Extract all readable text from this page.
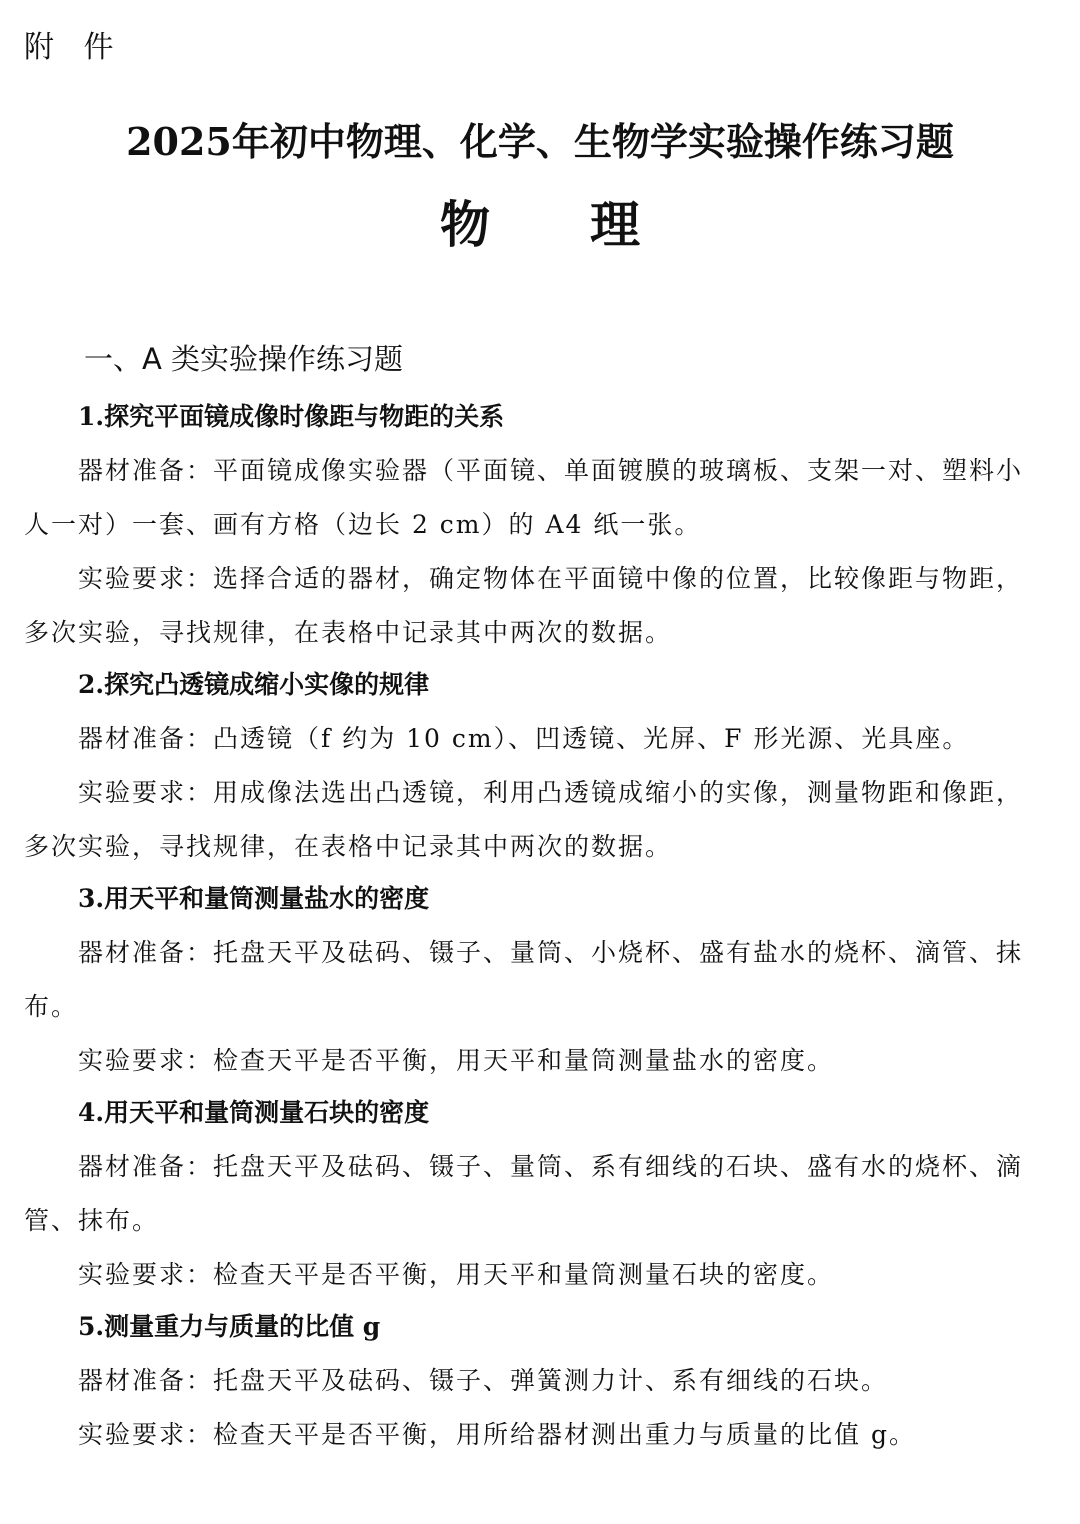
附 件
2025年初中物理、化学、生物学实验操作练习题
物理
一、A 类实验操作练习题
1.探究平面镜成像时像距与物距的关系

器材准备：平面镜成像实验器（平面镜、单面镀膜的玻璃板、支架一对、塑料小人一对）一套、画有方格（边长 2 cm）的 A4 纸一张。

实验要求：选择合适的器材，确定物体在平面镜中像的位置，比较像距与物距，多次实验，寻找规律，在表格中记录其中两次的数据。

2.探究凸透镜成缩小实像的规律

器材准备：凸透镜（f 约为 10 cm）、凹透镜、光屏、F 形光源、光具座。

实验要求：用成像法选出凸透镜，利用凸透镜成缩小的实像，测量物距和像距，多次实验，寻找规律，在表格中记录其中两次的数据。

3.用天平和量筒测量盐水的密度

器材准备：托盘天平及砝码、镊子、量筒、小烧杯、盛有盐水的烧杯、滴管、抹布。

实验要求：检查天平是否平衡，用天平和量筒测量盐水的密度。

4.用天平和量筒测量石块的密度

器材准备：托盘天平及砝码、镊子、量筒、系有细线的石块、盛有水的烧杯、滴管、抹布。

实验要求：检查天平是否平衡，用天平和量筒测量石块的密度。

5.测量重力与质量的比值 g

器材准备：托盘天平及砝码、镊子、弹簧测力计、系有细线的石块。

实验要求：检查天平是否平衡，用所给器材测出重力与质量的比值 g。
